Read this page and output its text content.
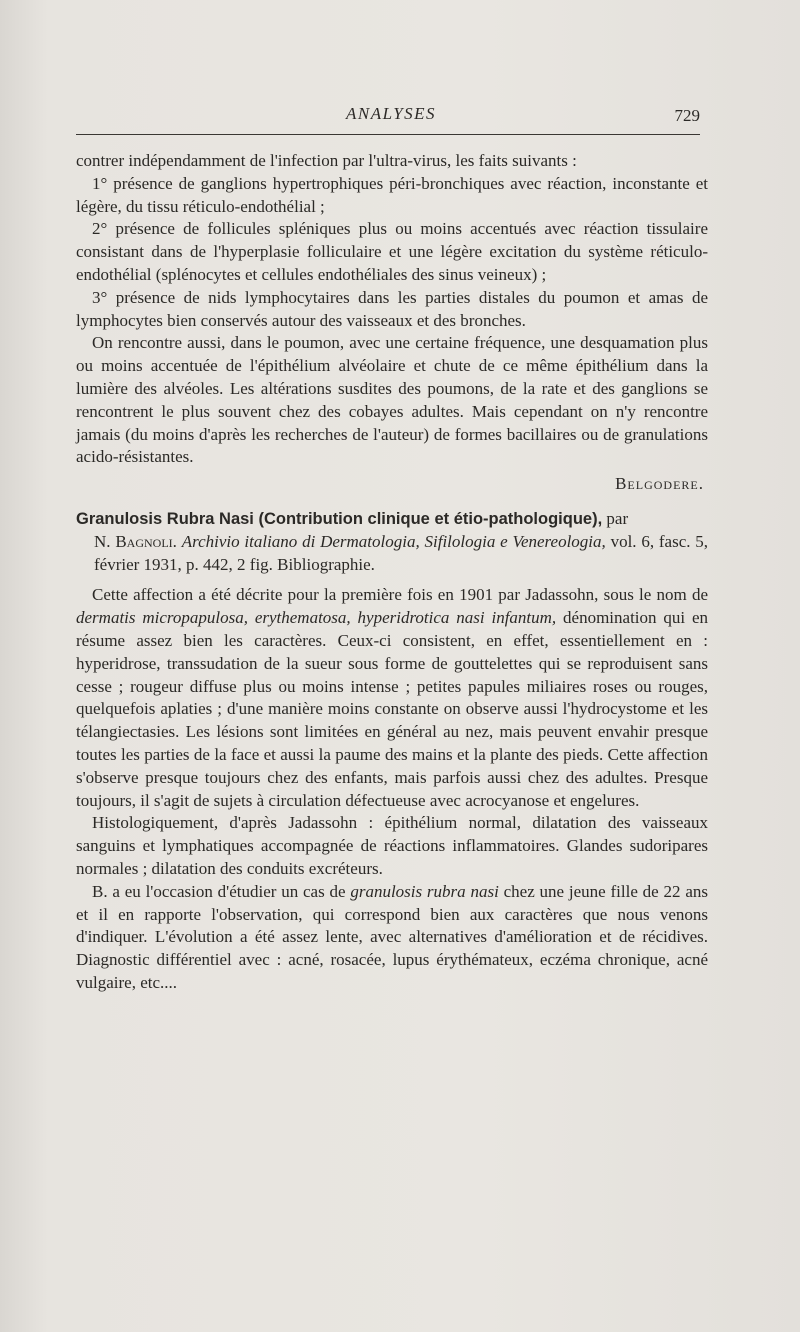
ANALYSES	729

contrer indépendamment de l'infection par l'ultra-virus, les faits suivants :

1° présence de ganglions hypertrophiques péri-bronchiques avec réaction, inconstante et légère, du tissu réticulo-endothélial ;

2° présence de follicules spléniques plus ou moins accentués avec réaction tissulaire consistant dans de l'hyperplasie folliculaire et une légère excitation du système réticulo-endothélial (splénocytes et cellules endothéliales des sinus veineux) ;

3° présence de nids lymphocytaires dans les parties distales du poumon et amas de lymphocytes bien conservés autour des vaisseaux et des bronches.

On rencontre aussi, dans le poumon, avec une certaine fréquence, une desquamation plus ou moins accentuée de l'épithélium alvéolaire et chute de ce même épithélium dans la lumière des alvéoles. Les altérations susdites des poumons, de la rate et des ganglions se rencontrent le plus souvent chez des cobayes adultes. Mais cependant on n'y rencontre jamais (du moins d'après les recherches de l'auteur) de formes bacillaires ou de granulations acido-résistantes.

Belgodere.

Granulosis Rubra Nasi (Contribution clinique et étio-pathologique), par

N. Bagnoli. Archivio italiano di Dermatologia, Sifilologia e Venereologia, vol. 6, fasc. 5, février 1931, p. 442, 2 fig. Bibliographie.

Cette affection a été décrite pour la première fois en 1901 par Jadassohn, sous le nom de dermatis micropapulosa, erythematosa, hyperidrotica nasi infantum, dénomination qui en résume assez bien les caractères. Ceux-ci consistent, en effet, essentiellement en : hyperidrose, transsudation de la sueur sous forme de gouttelettes qui se reproduisent sans cesse ; rougeur diffuse plus ou moins intense ; petites papules miliaires roses ou rouges, quelquefois aplaties ; d'une manière moins constante on observe aussi l'hydrocystome et les télangiectasies. Les lésions sont limitées en général au nez, mais peuvent envahir presque toutes les parties de la face et aussi la paume des mains et la plante des pieds. Cette affection s'observe presque toujours chez des enfants, mais parfois aussi chez des adultes. Presque toujours, il s'agit de sujets à circulation défectueuse avec acrocyanose et engelures.

Histologiquement, d'après Jadassohn : épithélium normal, dilatation des vaisseaux sanguins et lymphatiques accompagnée de réactions inflammatoires. Glandes sudoripares normales ; dilatation des conduits excréteurs.

B. a eu l'occasion d'étudier un cas de granulosis rubra nasi chez une jeune fille de 22 ans et il en rapporte l'observation, qui correspond bien aux caractères que nous venons d'indiquer. L'évolution a été assez lente, avec alternatives d'amélioration et de récidives. Diagnostic différentiel avec : acné, rosacée, lupus érythémateux, eczéma chronique, acné vulgaire, etc....
